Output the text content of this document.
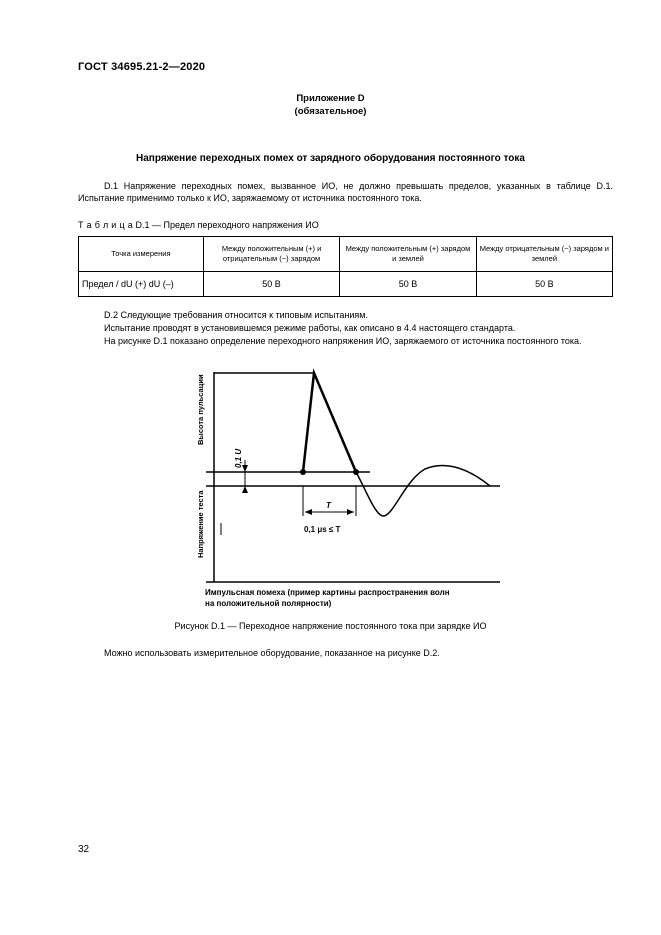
ГОСТ 34695.21-2—2020
Приложение D
(обязательное)
Напряжение переходных помех от зарядного оборудования постоянного тока
D.1 Напряжение переходных помех, вызванное ИО, не должно превышать пределов, указанных в таблице D.1. Испытание применимо только к ИО, заряжаемому от источника постоянного тока.
Т а б л и ц а D.1 — Предел переходного напряжения ИО
Точка измерения	Между положительным (+) и отрицательным (−) зарядом	Между положительным (+) зарядом и землей	Между отрицательным (−) зарядом и землей
Предел / dU (+) dU (–)	50 В	50 В	50 В
D.2 Следующие требования относится к типовым испытаниям.
Испытание проводят в установившемся режиме работы, как описано в 4.4 настоящего стандарта.
На рисунке D.1 показано определение переходного напряжения ИО, заряжаемого от источника постоянного тока.
Высота пульсации
Напряжение теста
0,1 U
T
0,1 μs ≤ T
Импульсная помеха (пример картины распространения волн
на положительной полярности)
Рисунок D.1 — Переходное напряжение постоянного тока при зарядке ИО
Можно использовать измерительное оборудование, показанное на рисунке D.2.
32
